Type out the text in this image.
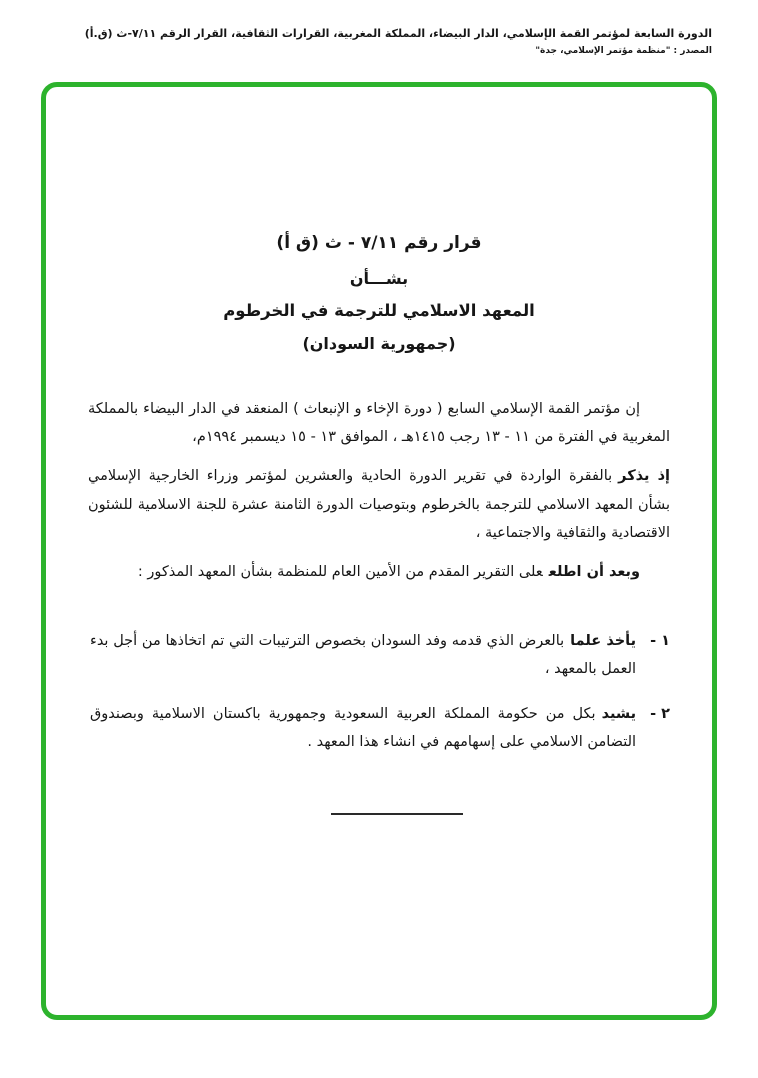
الدورة السابعة لمؤتمر القمة الإسلامي، الدار البيضاء، المملكة المغربية، القرارات الثقافية، القرار الرقم ٧/١١-ث (ق.أ)
المصدر : "منظمة مؤتمر الإسلامي، جدة"
قرار رقم ٧/١١ - ث (ق أ)
بشـــأن
المعهد الاسلامي للترجمة في الخرطوم
(جمهورية السودان)

إن مؤتمر القمة الإسلامي السابع ( دورة الإخاء و الإنبعاث ) المنعقد في الدار البيضاء بالمملكة المغربية في الفترة من ١١ - ١٣ رجب ١٤١٥هـ ، الموافق ١٣ - ١٥ ديسمبر ١٩٩٤م،

إذ يذكربالفقرة الواردة في تقرير الدورة الحادية والعشرين لمؤتمر وزراء الخارجية الإسلامي بشأن المعهد الاسلامي للترجمة بالخرطوم وبتوصيات الدورة الثامنة عشرة للجنة الاسلامية للشئون الاقتصادية والثقافية والاجتماعية ،

وبعد أن اطلععلى التقرير المقدم من الأمين العام للمنظمة بشأن المعهد المذكور :

١ -
يأخذ علمابالعرض الذي قدمه وفد السودان بخصوص الترتيبات التي تم اتخاذها من أجل بدء العمل بالمعهد ،
٢ -
يشيدبكل من حكومة المملكة العربية السعودية وجمهورية باكستان الاسلامية وبصندوق التضامن الاسلامي على إسهامهم في انشاء هذا المعهد .
